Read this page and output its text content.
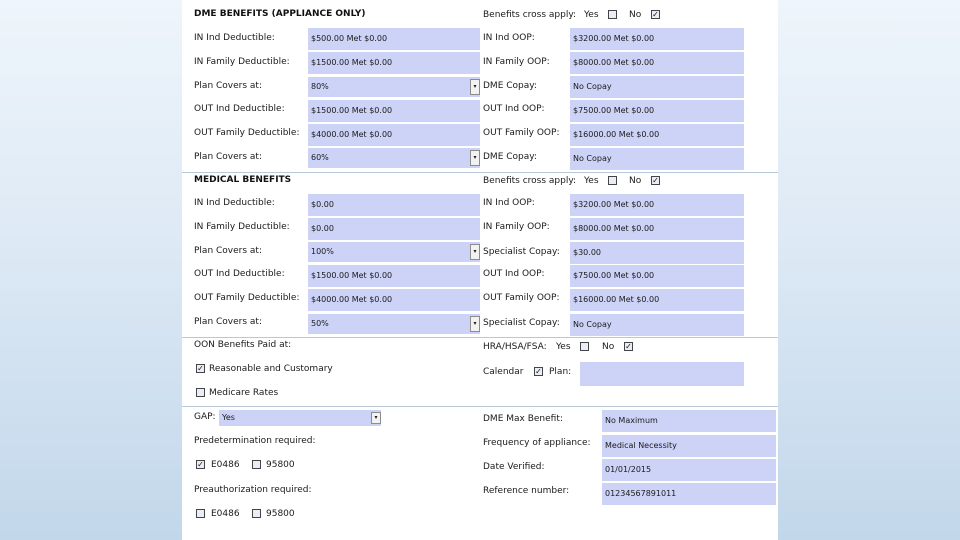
DME BENEFITS (APPLIANCE ONLY)	Benefits cross apply: Yes	No ✓
IN Ind Deductible:	$500.00 Met $0.00	IN Ind OOP:	$3200.00 Met $0.00
IN Family Deductible:	$1500.00 Met $0.00	IN Family OOP:	$8000.00 Met $0.00
Plan Covers at:	80%	▾ DME Copay:	No Copay
OUT Ind Deductible:	$1500.00 Met $0.00	OUT Ind OOP:	$7500.00 Met $0.00
OUT Family Deductible:	$4000.00 Met $0.00	OUT Family OOP:	$16000.00 Met $0.00
Plan Covers at:	60%	▾ DME Copay:	No Copay
MEDICAL BENEFITS	Benefits cross apply: Yes	No ✓
IN Ind Deductible:	$0.00	IN Ind OOP:	$3200.00 Met $0.00
IN Family Deductible:	$0.00	IN Family OOP:	$8000.00 Met $0.00
Plan Covers at:	100%	▾ Specialist Copay:	$30.00
OUT Ind Deductible:	$1500.00 Met $0.00	OUT Ind OOP:	$7500.00 Met $0.00
OUT Family Deductible:	$4000.00 Met $0.00	OUT Family OOP:	$16000.00 Met $0.00
Plan Covers at:	50%	▾ Specialist Copay:	No Copay
OON Benefits Paid at:
✓ Reasonable and Customary
Medicare Rates
HRA/HSA/FSA: Yes	No ✓
Calendar ✓ Plan:
GAP: Yes	▾
Predetermination required:
✓ E0486	95800
Preauthorization required:
E0486	95800
DME Max Benefit:	No Maximum
Frequency of appliance:	Medical Necessity
Date Verified:	01/01/2015
Reference number:	01234567891011
